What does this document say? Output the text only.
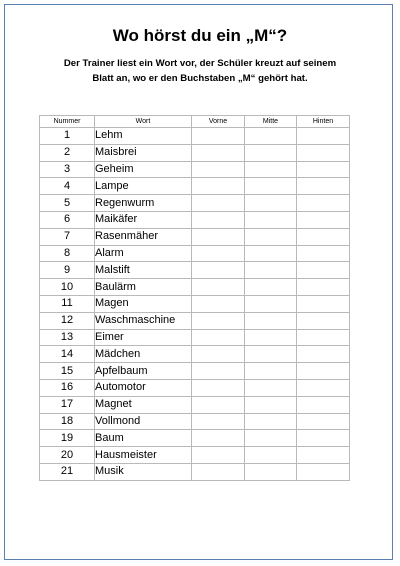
Wo hörst du ein „M“?
Der Trainer liest ein Wort vor, der Schüler kreuzt auf seinem
Blatt an, wo er den Buchstaben „M“ gehört hat.
Nummer	Wort	Vorne	Mitte	Hinten
1	Lehm			
2	Maisbrei			
3	Geheim			
4	Lampe			
5	Regenwurm			
6	Maikäfer			
7	Rasenmäher			
8	Alarm			
9	Malstift			
10	Baulärm			
11	Magen			
12	Waschmaschine			
13	Eimer			
14	Mädchen			
15	Apfelbaum			
16	Automotor			
17	Magnet			
18	Vollmond			
19	Baum			
20	Hausmeister			
21	Musik			
